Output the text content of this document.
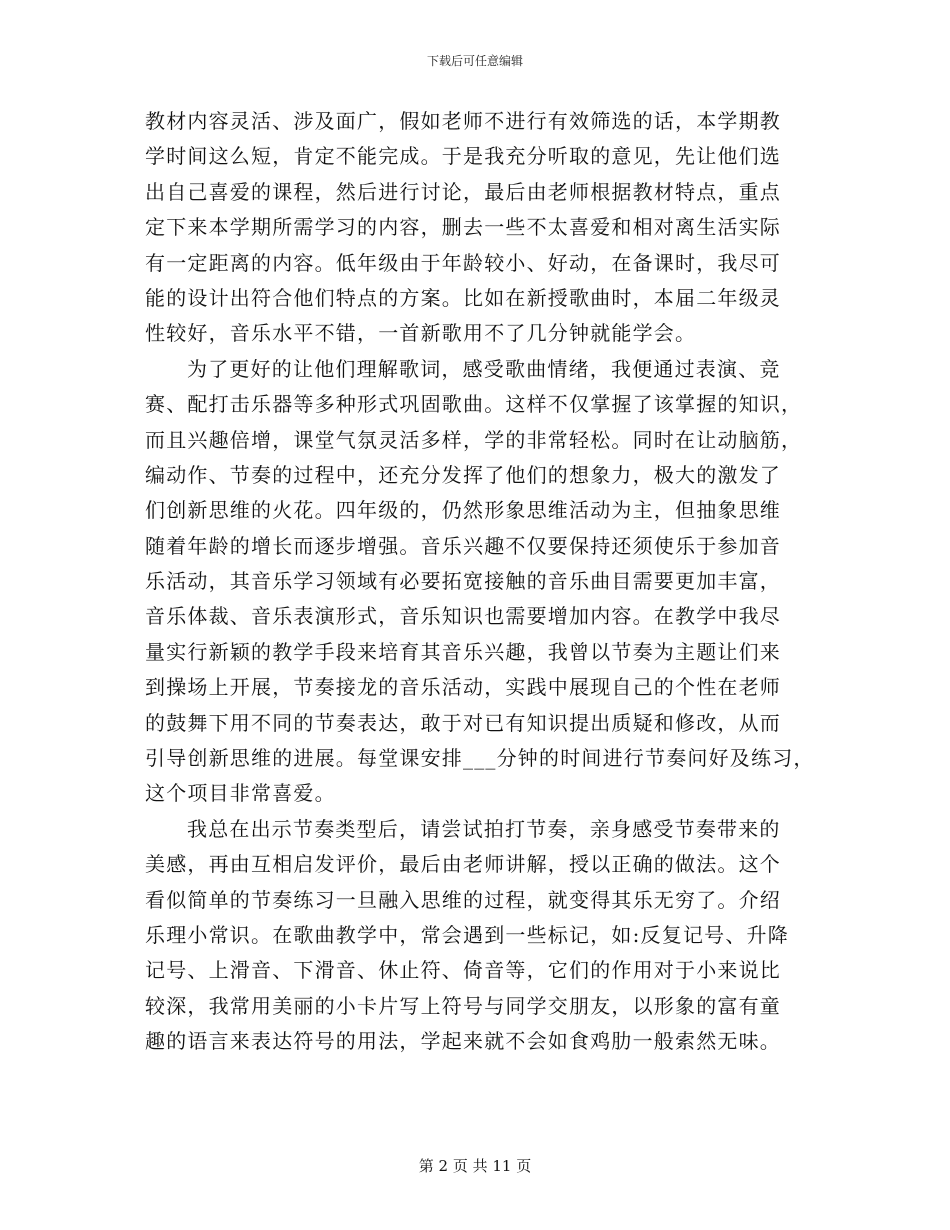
下载后可任意编辑
教材内容灵活、涉及面广，假如老师不进行有效筛选的话，本学期教
学时间这么短，肯定不能完成。于是我充分听取的意见，先让他们选
出自己喜爱的课程，然后进行讨论，最后由老师根据教材特点，重点
定下来本学期所需学习的内容，删去一些不太喜爱和相对离生活实际
有一定距离的内容。低年级由于年龄较小、好动，在备课时，我尽可
能的设计出符合他们特点的方案。比如在新授歌曲时，本届二年级灵
性较好，音乐水平不错，一首新歌用不了几分钟就能学会。
为了更好的让他们理解歌词，感受歌曲情绪，我便通过表演、竞
赛、配打击乐器等多种形式巩固歌曲。这样不仅掌握了该掌握的知识，
而且兴趣倍增，课堂气氛灵活多样，学的非常轻松。同时在让动脑筋，
编动作、节奏的过程中，还充分发挥了他们的想象力，极大的激发了
们创新思维的火花。四年级的，仍然形象思维活动为主，但抽象思维
随着年龄的增长而逐步增强。音乐兴趣不仅要保持还须使乐于参加音
乐活动，其音乐学习领域有必要拓宽接触的音乐曲目需要更加丰富，
音乐体裁、音乐表演形式，音乐知识也需要增加内容。在教学中我尽
量实行新颖的教学手段来培育其音乐兴趣，我曾以节奏为主题让们来
到操场上开展，节奏接龙的音乐活动，实践中展现自己的个性在老师
的鼓舞下用不同的节奏表达，敢于对已有知识提出质疑和修改，从而
引导创新思维的进展。每堂课安排___分钟的时间进行节奏问好及练习，
这个项目非常喜爱。
我总在出示节奏类型后，请尝试拍打节奏，亲身感受节奏带来的
美感，再由互相启发评价，最后由老师讲解，授以正确的做法。这个
看似简单的节奏练习一旦融入思维的过程，就变得其乐无穷了。介绍
乐理小常识。在歌曲教学中，常会遇到一些标记，如:反复记号、升降
记号、上滑音、下滑音、休止符、倚音等，它们的作用对于小来说比
较深，我常用美丽的小卡片写上符号与同学交朋友，以形象的富有童
趣的语言来表达符号的用法，学起来就不会如食鸡肋一般索然无味。
第 2 页 共 11 页
